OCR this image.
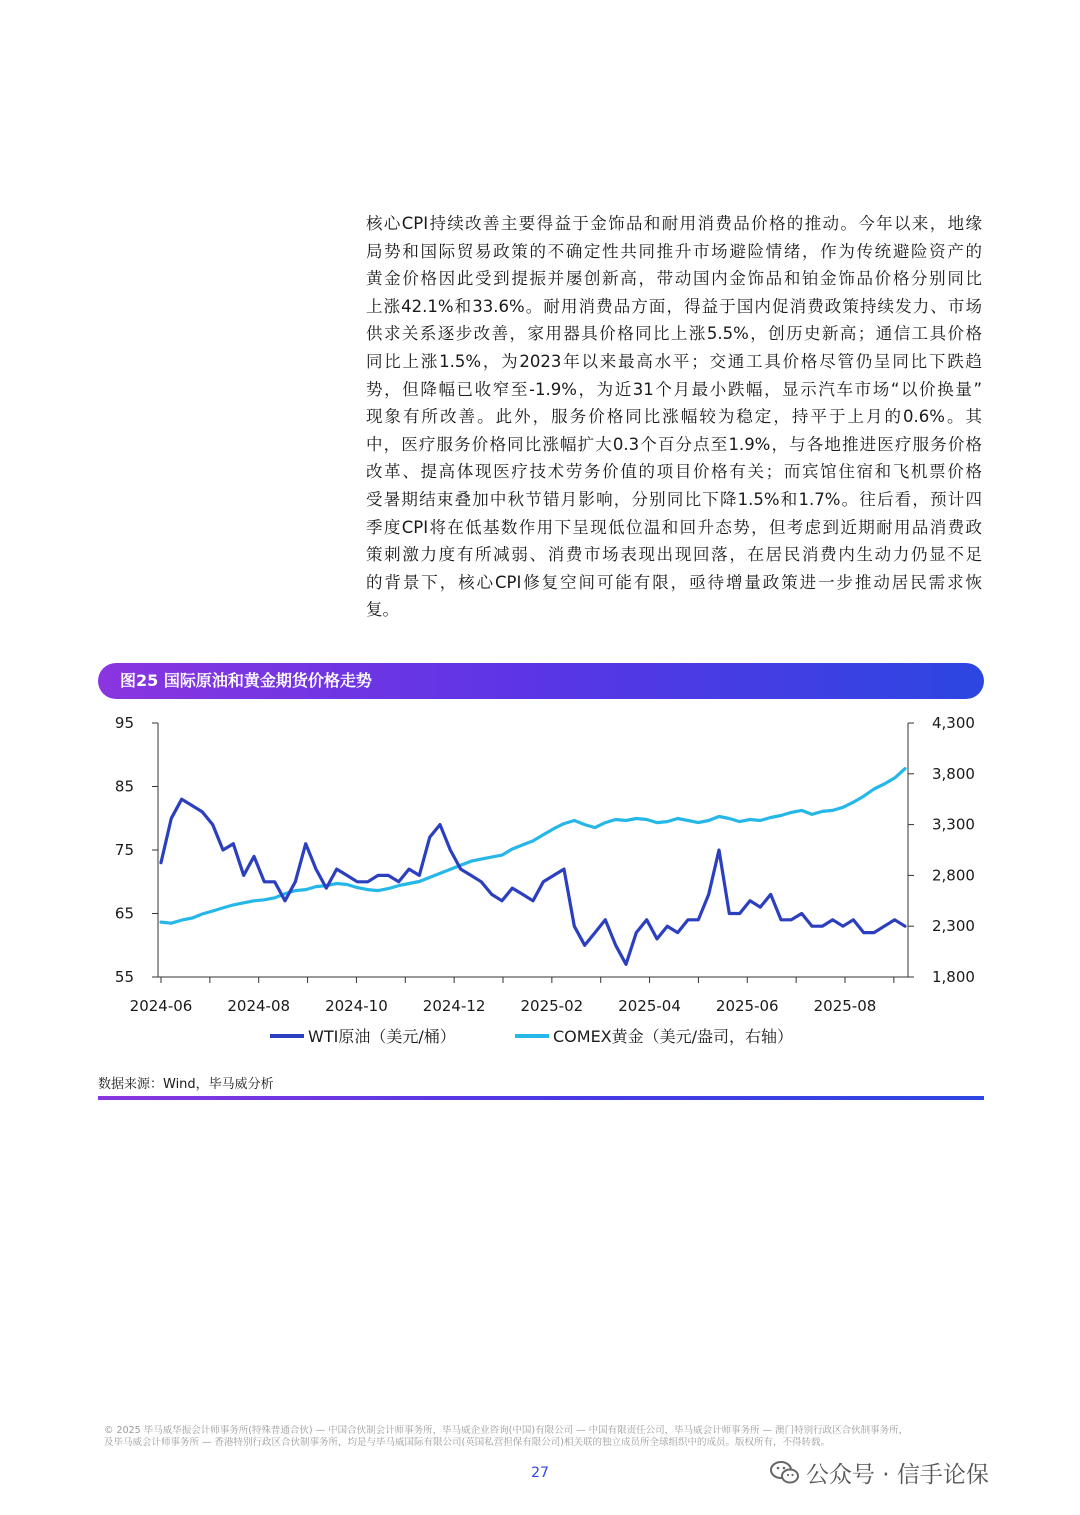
核心CPI持续改善主要得益于金饰品和耐用消费品价格的推动。今年以来，地缘
局势和国际贸易政策的不确定性共同推升市场避险情绪，作为传统避险资产的
黄金价格因此受到提振并屡创新高，带动国内金饰品和铂金饰品价格分别同比
上涨42.1%和33.6%。耐用消费品方面，得益于国内促消费政策持续发力、市场
供求关系逐步改善，家用器具价格同比上涨5.5%，创历史新高；通信工具价格
同比上涨1.5%，为2023年以来最高水平；交通工具价格尽管仍呈同比下跌趋
势，但降幅已收窄至-1.9%，为近31个月最小跌幅，显示汽车市场“以价换量”
现象有所改善。此外，服务价格同比涨幅较为稳定，持平于上月的0.6%。其
中，医疗服务价格同比涨幅扩大0.3个百分点至1.9%，与各地推进医疗服务价格
改革、提高体现医疗技术劳务价值的项目价格有关；而宾馆住宿和飞机票价格
受暑期结束叠加中秋节错月影响，分别同比下降1.5%和1.7%。往后看，预计四
季度CPI将在低基数作用下呈现低位温和回升态势，但考虑到近期耐用品消费政
策刺激力度有所减弱、消费市场表现出现回落，在居民消费内生动力仍显不足
的背景下，核心CPI修复空间可能有限，亟待增量政策进一步推动居民需求恢
复。
图25 国际原油和黄金期货价格走势
95
85
75
65
55
4,300
3,800
3,300
2,800
2,300
1,800
2024-06 2024-08 2024-10 2024-12 2025-02 2025-04 2025-06 2025-08
WTI原油（美元/桶）	COMEX黄金（美元/盎司，右轴）
数据来源：Wind，毕马威分析
© 2025 毕马威华振会计师事务所(特殊普通合伙) — 中国合伙制会计师事务所，毕马威企业咨询(中国)有限公司 — 中国有限责任公司，毕马威会计师事务所 — 澳门特别行政区合伙制事务所，
及毕马威会计师事务所 — 香港特别行政区合伙制事务所，均是与毕马威国际有限公司(英国私营担保有限公司)相关联的独立成员所全球组织中的成员。版权所有，不得转载。
27	公众号 · 信手论保
